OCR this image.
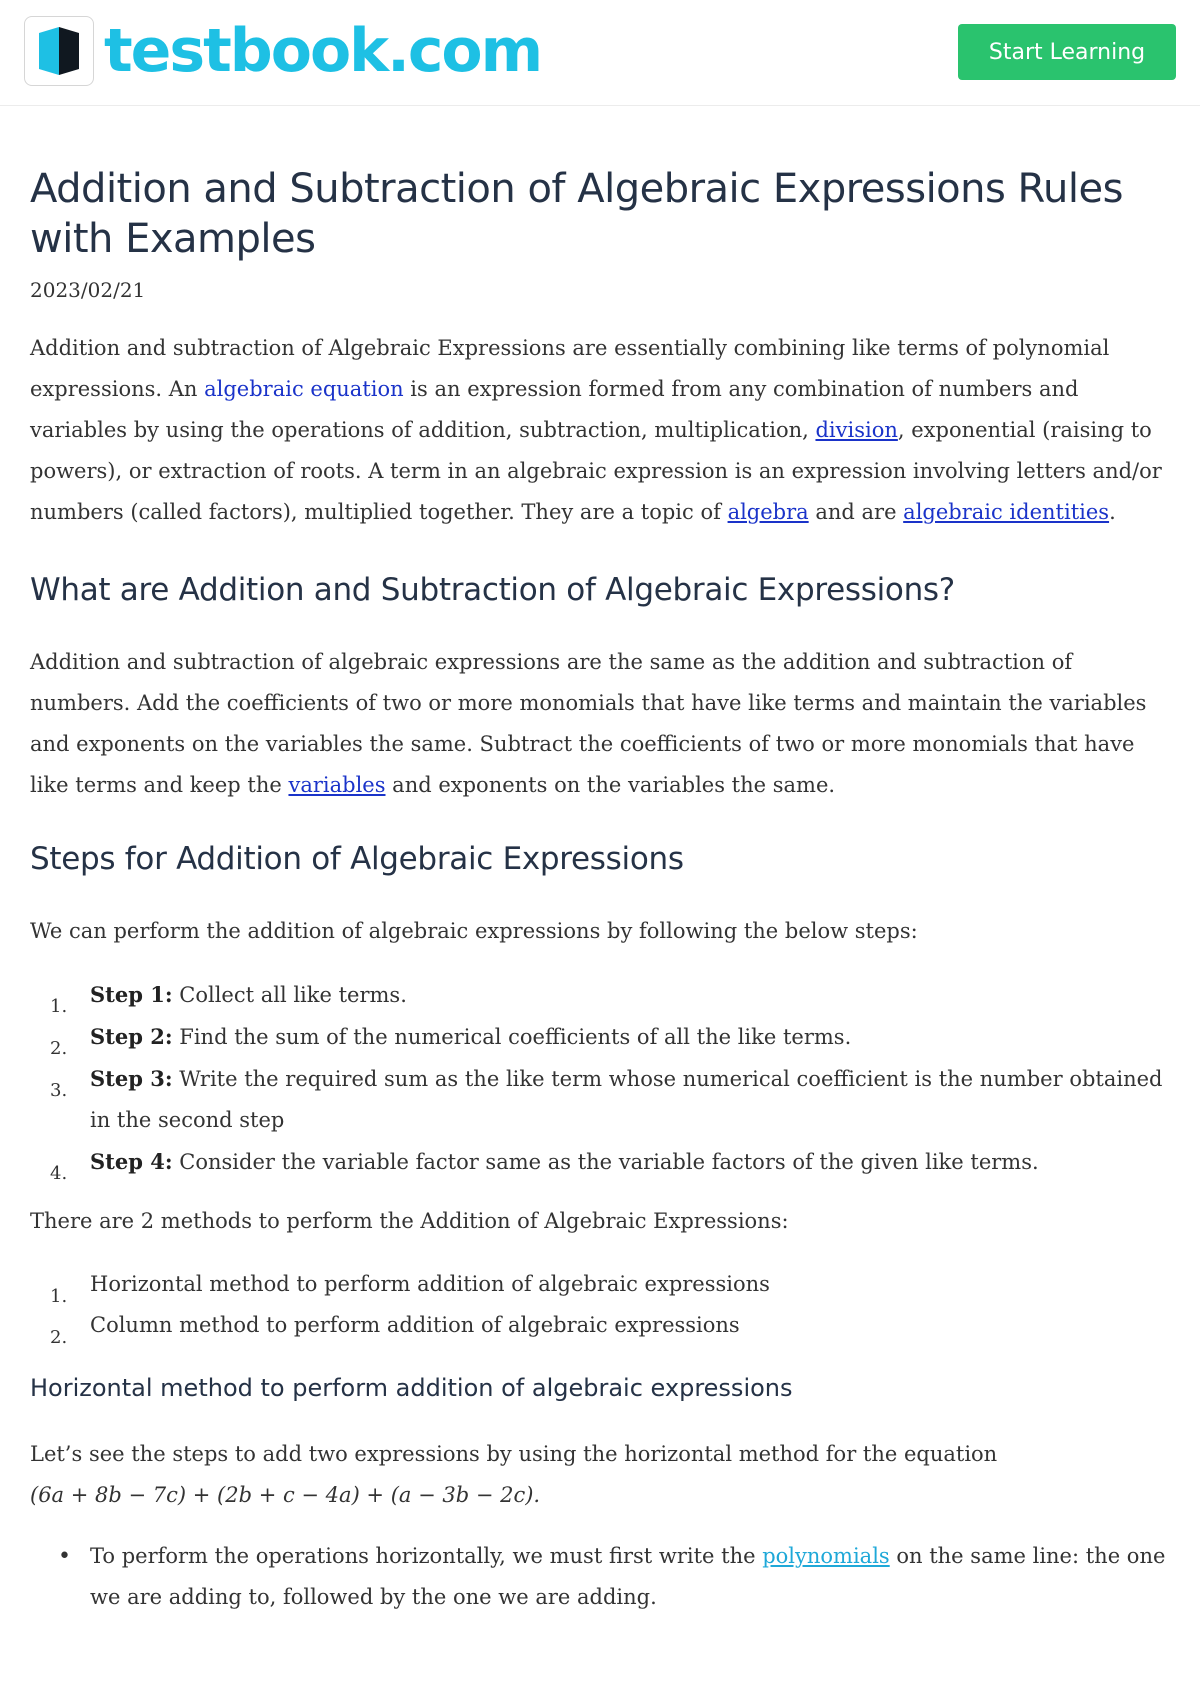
testbook.com	Start Learning
Addition and Subtraction of Algebraic Expressions Rules with Examples
2023/02/21

Addition and subtraction of Algebraic Expressions are essentially combining like terms of polynomial expressions. An algebraic equation is an expression formed from any combination of numbers and variables by using the operations of addition, subtraction, multiplication, division, exponential (raising to powers), or extraction of roots. A term in an algebraic expression is an expression involving letters and/or numbers (called factors), multiplied together. They are a topic of algebra and are algebraic identities.

What are Addition and Subtraction of Algebraic Expressions?

Addition and subtraction of algebraic expressions are the same as the addition and subtraction of numbers. Add the coefficients of two or more monomials that have like terms and maintain the variables and exponents on the variables the same. Subtract the coefficients of two or more monomials that have like terms and keep the variables and exponents on the variables the same.

Steps for Addition of Algebraic Expressions

We can perform the addition of algebraic expressions by following the below steps:

1. Step 1: Collect all like terms.
2. Step 2: Find the sum of the numerical coefficients of all the like terms.
3. Step 3: Write the required sum as the like term whose numerical coefficient is the number obtained in the second step
4. Step 4: Consider the variable factor same as the variable factors of the given like terms.

There are 2 methods to perform the Addition of Algebraic Expressions:

1.
Horizontal method to perform addition of algebraic expressions
2.
Column method to perform addition of algebraic expressions
Horizontal method to perform addition of algebraic expressions

Let’s see the steps to add two expressions by using the horizontal method for the equation
(6a + 8b − 7c) + (2b + c − 4a) + (a − 3b − 2c).

• To perform the operations horizontally, we must first write the polynomials on the same line: the one we are adding to, followed by the one we are adding.
